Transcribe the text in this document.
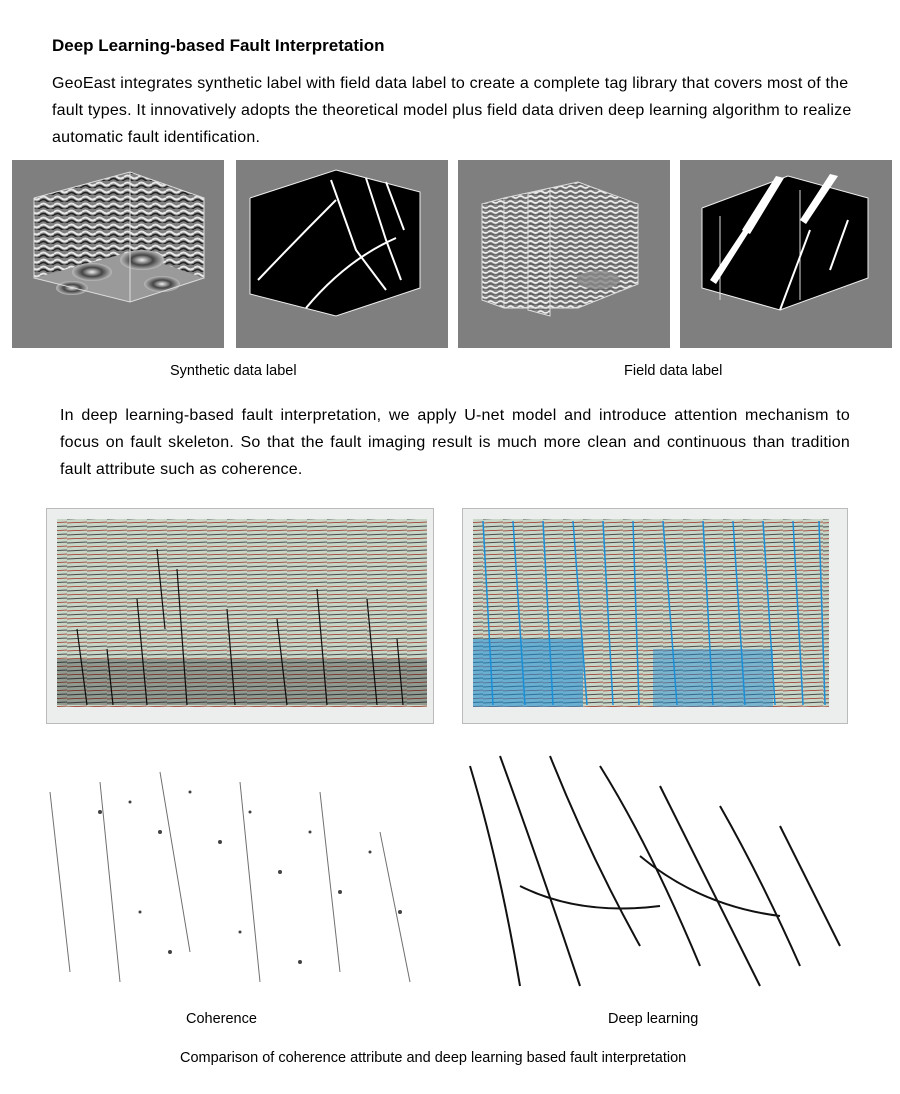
Deep Learning-based Fault Interpretation
GeoEast integrates synthetic label with field data label to create a complete tag library that covers most of the fault types. It innovatively adopts the theoretical model plus field data driven deep learning algorithm to realize automatic fault identification.
Synthetic data label	Field data label
In deep learning-based fault interpretation, we apply U-net model and introduce attention mechanism to focus on fault skeleton. So that the fault imaging result is much more clean and continuous than tradition fault attribute such as coherence.
Coherence	Deep learning
Comparison of coherence attribute and deep learning based fault interpretation
